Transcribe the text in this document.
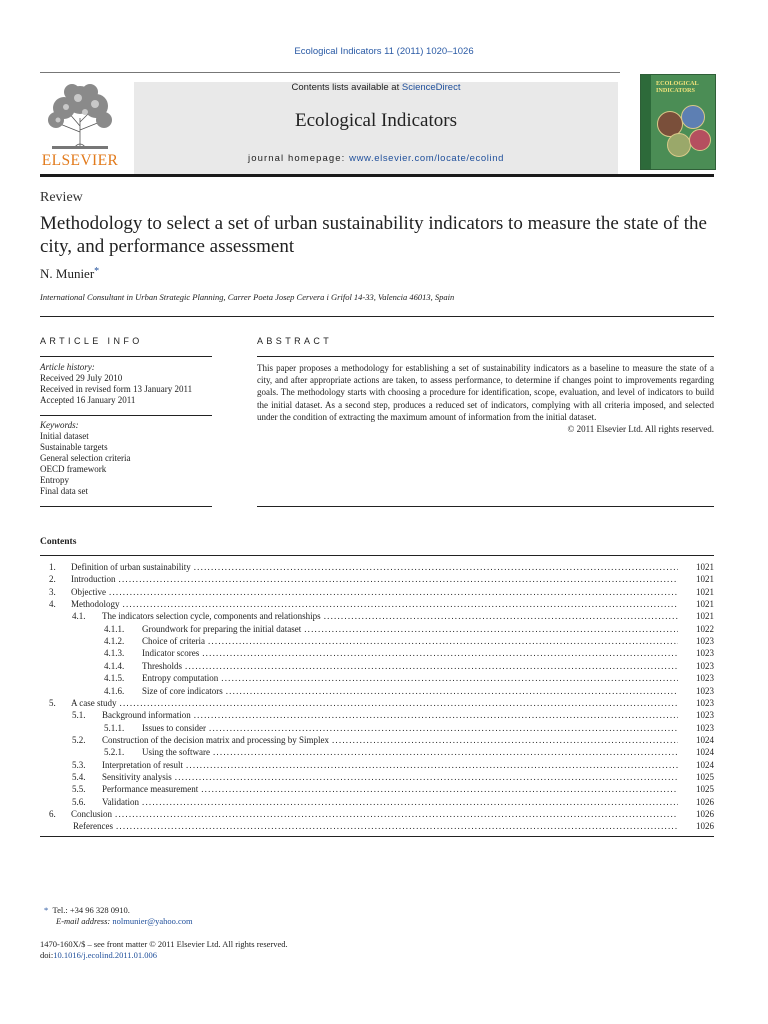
Ecological Indicators 11 (2011) 1020–1026
ELSEVIER
Contents lists available at ScienceDirect
Ecological Indicators
journal homepage: www.elsevier.com/locate/ecolind
ECOLOGICAL INDICATORS
Review
Methodology to select a set of urban sustainability indicators to measure the state of the city, and performance assessment
N. Munier*
International Consultant in Urban Strategic Planning, Carrer Poeta Josep Cervera i Grifol 14-33, Valencia 46013, Spain
ARTICLE INFO
Article history:
Received 29 July 2010
Received in revised form 13 January 2011
Accepted 16 January 2011
Keywords:
Initial dataset
Sustainable targets
General selection criteria
OECD framework
Entropy
Final data set
ABSTRACT
This paper proposes a methodology for establishing a set of sustainability indicators as a baseline to measure the state of a city, and after appropriate actions are taken, to assess performance, to determine if changes point to improvements regarding goals. The methodology starts with choosing a procedure for identification, scope, evaluation, and level of indicators to build the initial dataset. As a second step, produces a reduced set of indicators, complying with all criteria imposed, and selected under the condition of extracting the maximum amount of information from the initial dataset.
© 2011 Elsevier Ltd. All rights reserved.
Contents
1. Definition of urban sustainability .....	1021
2. Introduction .....	1021
3. Objective .....	1021
4. Methodology .....	1021
4.1. The indicators selection cycle, components and relationships .....	1021
4.1.1. Groundwork for preparing the initial dataset .....	1022
4.1.2. Choice of criteria .....	1023
4.1.3. Indicator scores .....	1023
4.1.4. Thresholds .....	1023
4.1.5. Entropy computation .....	1023
4.1.6. Size of core indicators .....	1023
5. A case study .....	1023
5.1. Background information .....	1023
5.1.1. Issues to consider .....	1023
5.2. Construction of the decision matrix and processing by Simplex .....	1024
5.2.1. Using the software .....	1024
5.3. Interpretation of result .....	1024
5.4. Sensitivity analysis .....	1025
5.5. Performance measurement .....	1025
5.6. Validation .....	1026
6. Conclusion .....	1026
References .....	1026
* Tel.: +34 96 328 0910.
E-mail address: nolmunier@yahoo.com
1470-160X/$ – see front matter © 2011 Elsevier Ltd. All rights reserved.
doi:10.1016/j.ecolind.2011.01.006
